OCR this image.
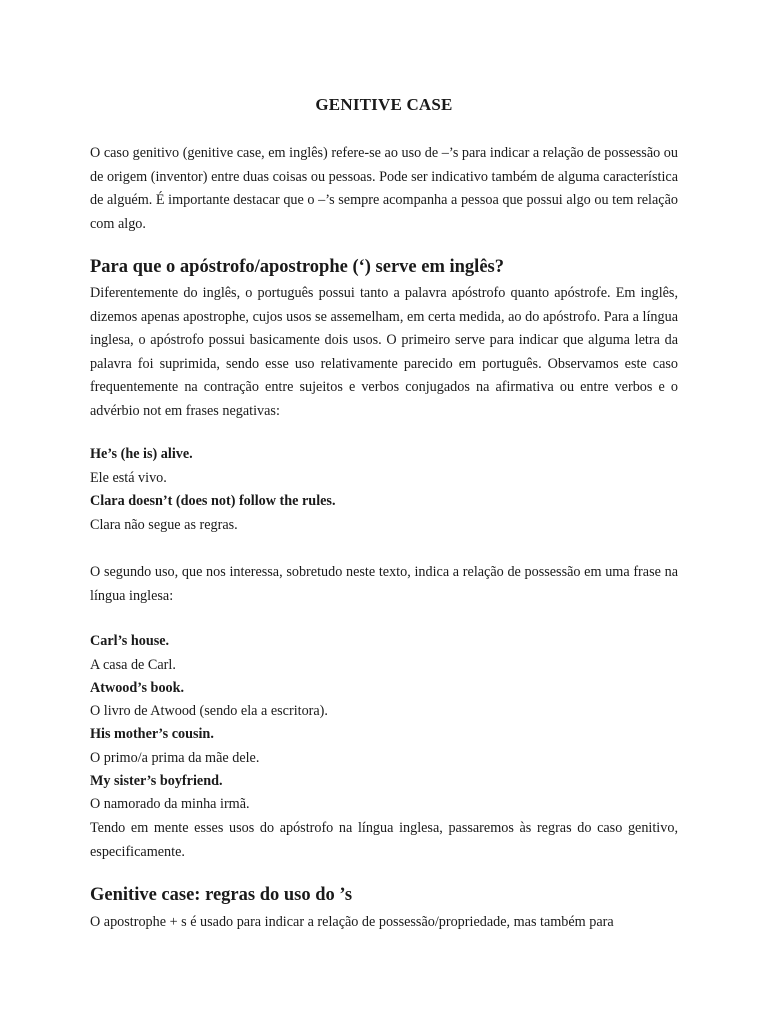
GENITIVE CASE
O caso genitivo (genitive case, em inglês) refere-se ao uso de –’s para indicar a relação de possessão ou de origem (inventor) entre duas coisas ou pessoas. Pode ser indicativo também de alguma característica de alguém. É importante destacar que o –’s sempre acompanha a pessoa que possui algo ou tem relação com algo.
Para que o apóstrofo/apostrophe (‘) serve em inglês?
Diferentemente do inglês, o português possui tanto a palavra apóstrofo quanto apóstrofe. Em inglês, dizemos apenas apostrophe, cujos usos se assemelham, em certa medida, ao do apóstrofo. Para a língua inglesa, o apóstrofo possui basicamente dois usos. O primeiro serve para indicar que alguma letra da palavra foi suprimida, sendo esse uso relativamente parecido em português. Observamos este caso frequentemente na contração entre sujeitos e verbos conjugados na afirmativa ou entre verbos e o advérbio not em frases negativas:
He’s (he is) alive.
Ele está vivo.
Clara doesn’t (does not) follow the rules.
Clara não segue as regras.
O segundo uso, que nos interessa, sobretudo neste texto, indica a relação de possessão em uma frase na língua inglesa:
Carl’s house.
A casa de Carl.
Atwood’s book.
O livro de Atwood (sendo ela a escritora).
His mother’s cousin.
O primo/a prima da mãe dele.
My sister’s boyfriend.
O namorado da minha irmã.
Tendo em mente esses usos do apóstrofo na língua inglesa, passaremos às regras do caso genitivo, especificamente.
Genitive case: regras do uso do ’s
O apostrophe + s é usado para indicar a relação de possessão/propriedade, mas também para
